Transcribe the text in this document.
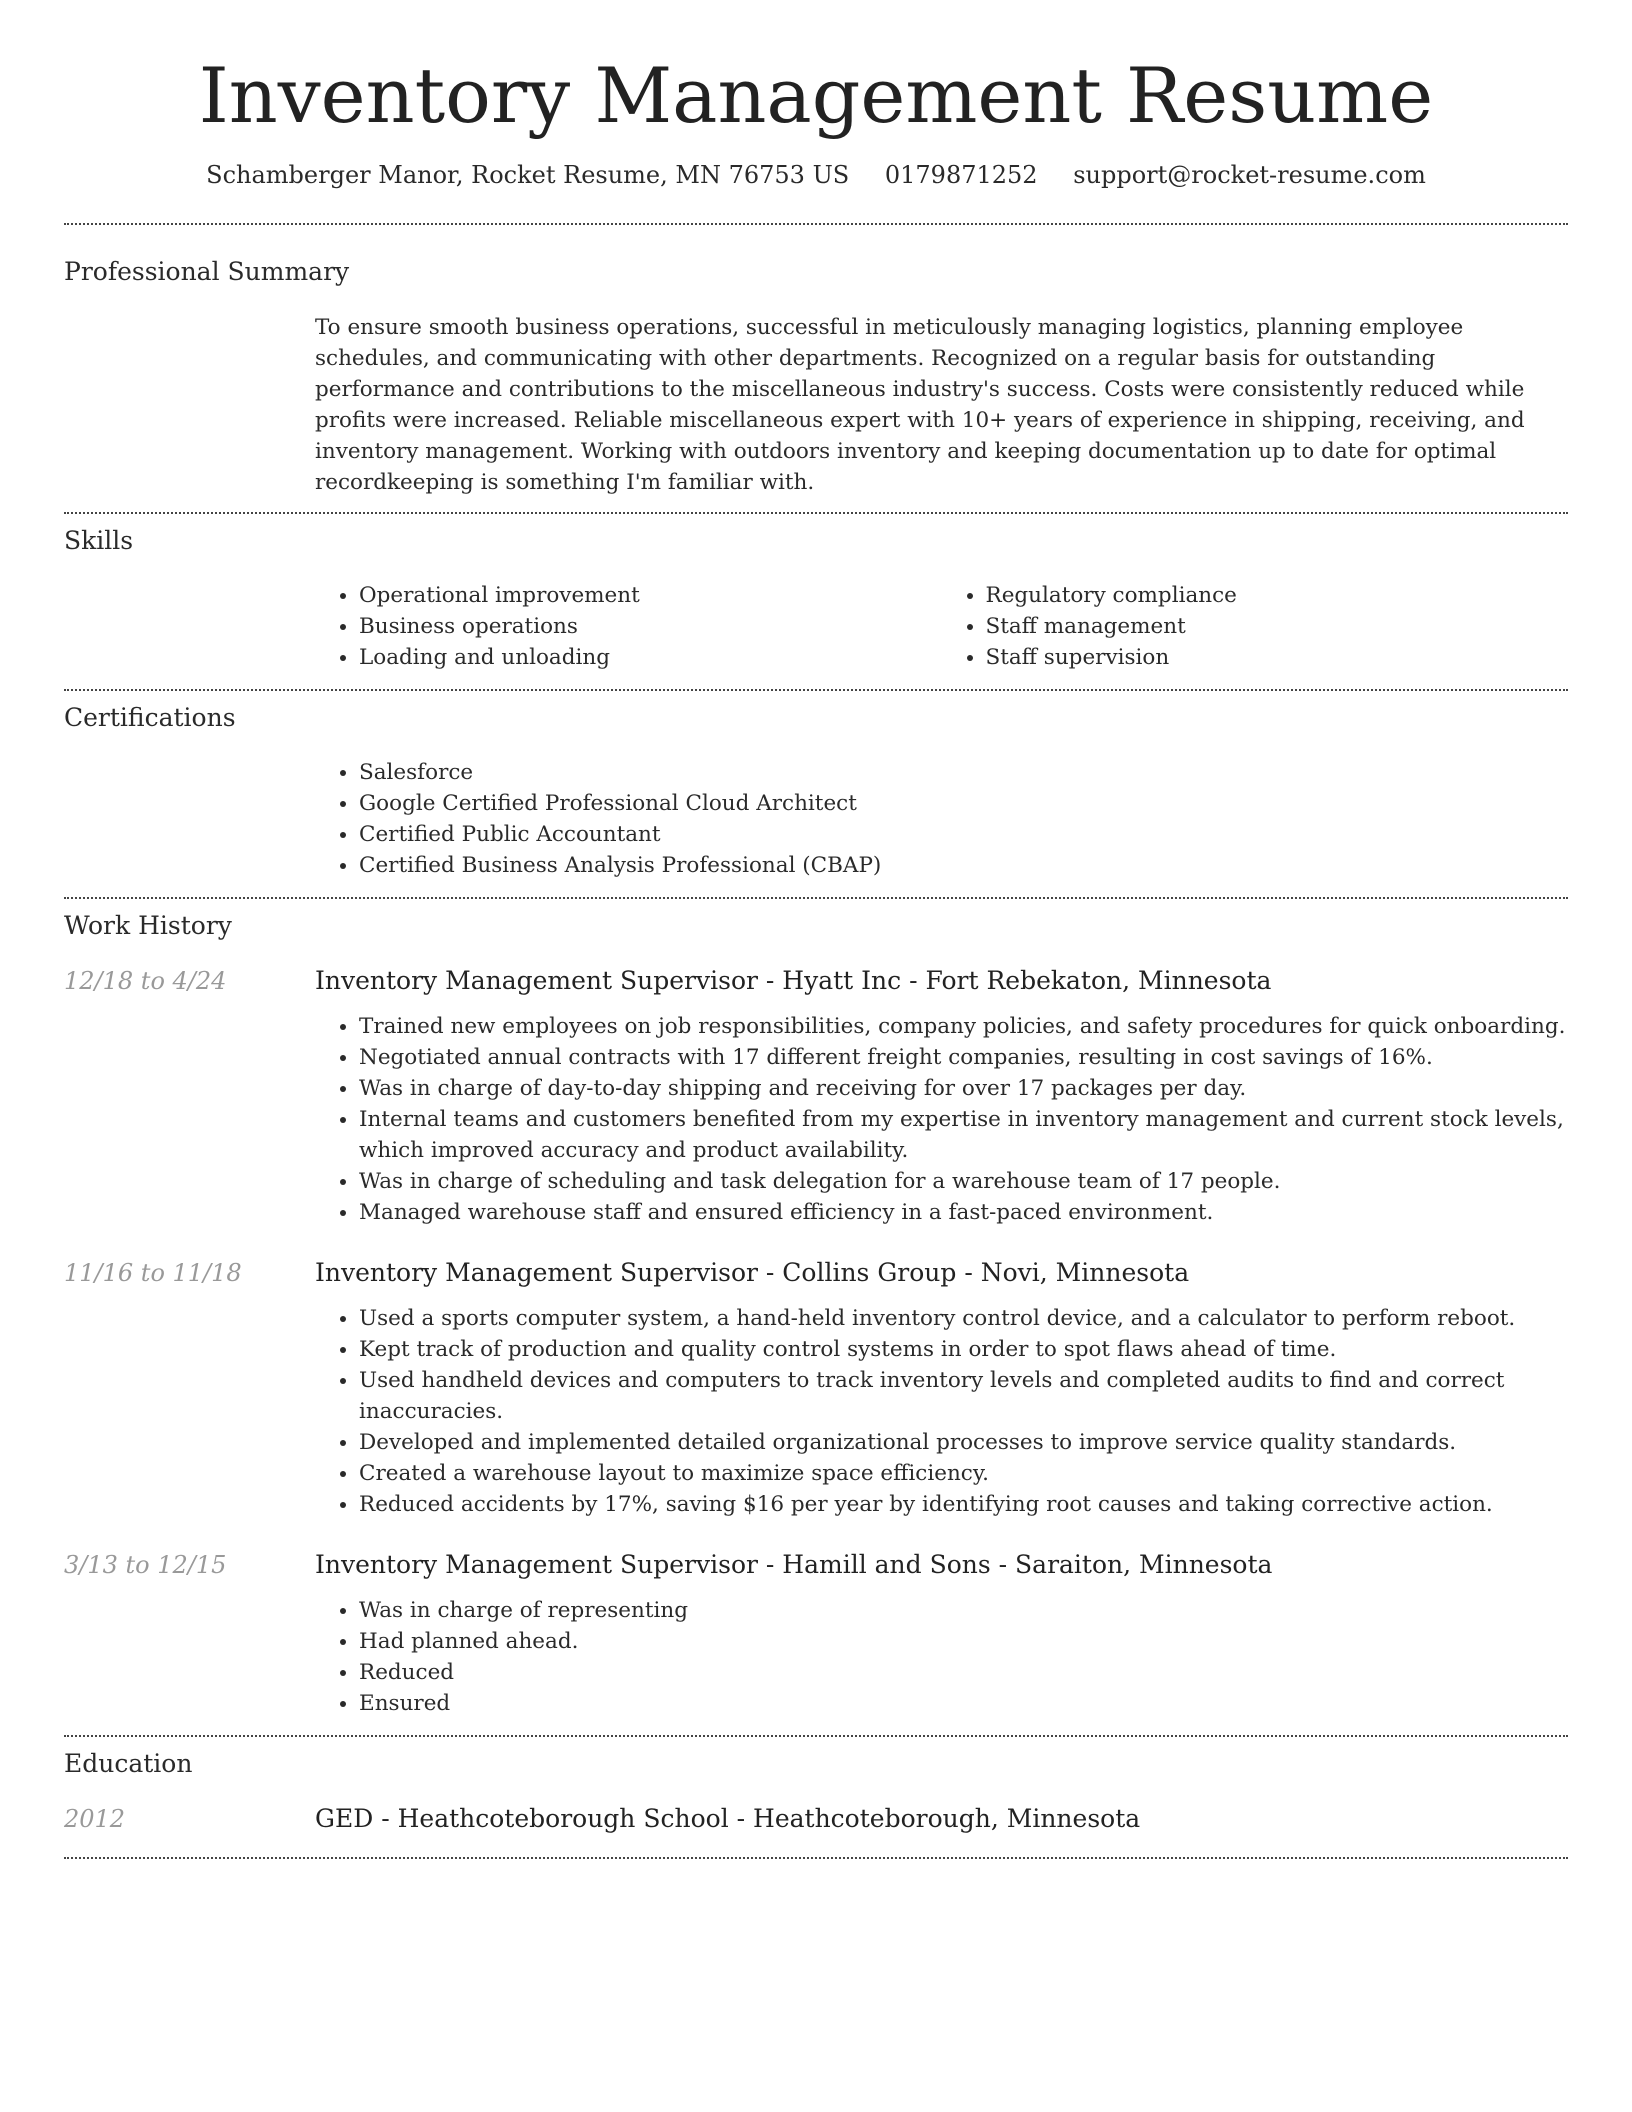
Inventory Management Resume
Schamberger Manor, Rocket Resume, MN 76753 US 0179871252 support@rocket-resume.com
Professional Summary
To ensure smooth business operations, successful in meticulously managing logistics, planning employee schedules, and communicating with other departments. Recognized on a regular basis for outstanding performance and contributions to the miscellaneous industry's success. Costs were consistently reduced while profits were increased. Reliable miscellaneous expert with 10+ years of experience in shipping, receiving, and inventory management. Working with outdoors inventory and keeping documentation up to date for optimal recordkeeping is something I'm familiar with.
Skills
• Operational improvement
• Business operations
• Loading and unloading
• Regulatory compliance
• Staff management
• Staff supervision
Certifications
• Salesforce
• Google Certified Professional Cloud Architect
• Certified Public Accountant
• Certified Business Analysis Professional (CBAP)
Work History
12/18 to 4/24	Inventory Management Supervisor - Hyatt Inc - Fort Rebekaton, Minnesota
• Trained new employees on job responsibilities, company policies, and safety procedures for quick onboarding.
• Negotiated annual contracts with 17 different freight companies, resulting in cost savings of 16%.
• Was in charge of day-to-day shipping and receiving for over 17 packages per day.
• Internal teams and customers benefited from my expertise in inventory management and current stock levels, which improved accuracy and product availability.
• Was in charge of scheduling and task delegation for a warehouse team of 17 people.
• Managed warehouse staff and ensured efficiency in a fast-paced environment.
11/16 to 11/18	Inventory Management Supervisor - Collins Group - Novi, Minnesota
• Used a sports computer system, a hand-held inventory control device, and a calculator to perform reboot.
• Kept track of production and quality control systems in order to spot flaws ahead of time.
• Used handheld devices and computers to track inventory levels and completed audits to find and correct inaccuracies.
• Developed and implemented detailed organizational processes to improve service quality standards.
• Created a warehouse layout to maximize space efficiency.
• Reduced accidents by 17%, saving $16 per year by identifying root causes and taking corrective action.
3/13 to 12/15	Inventory Management Supervisor - Hamill and Sons - Saraiton, Minnesota
• Was in charge of representing
• Had planned ahead.
• Reduced
• Ensured
Education
2012	GED - Heathcoteborough School - Heathcoteborough, Minnesota
